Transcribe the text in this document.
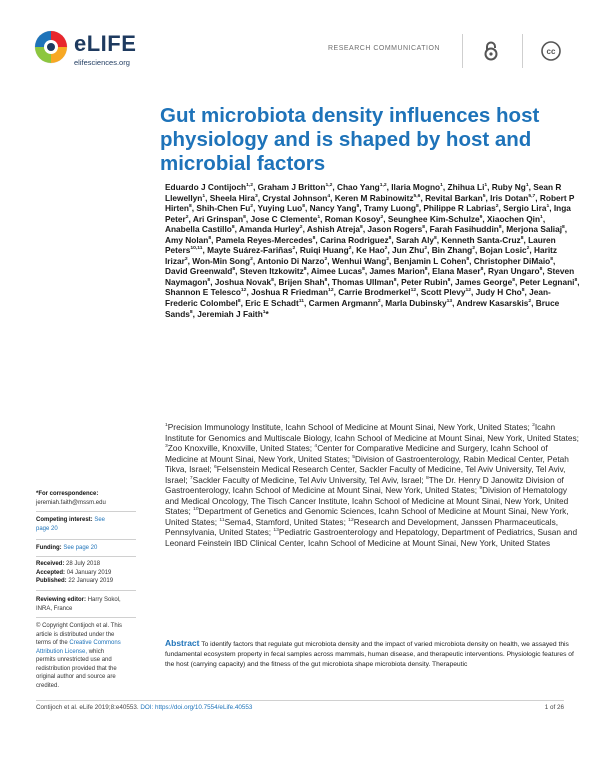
eLIFE
elifesciences.org
RESEARCH COMMUNICATION	cc
Gut microbiota density influences host physiology and is shaped by host and microbial factors

Eduardo J Contijoch$^{1,2}$, Graham J Britton$^{1,2}$, Chao Yang$^{1,2}$, Ilaria Mogno$^1$, Zhihua Li$^1$, Ruby Ng$^1$, Sean R Llewellyn$^1$, Sheela Hira$^3$, Crystal Johnson$^4$, Keren M Rabinowitz$^{5,6}$, Revital Barkan$^5$, Iris Dotan$^{5,7}$, Robert P Hirten$^8$, Shih-Chen Fu$^2$, Yuying Luo$^8$, Nancy Yang$^8$, Tramy Luong$^8$, Philippe R Labrias$^2$, Sergio Lira$^1$, Inga Peter$^2$, Ari Grinspan$^8$, Jose C Clemente$^1$, Roman Kosoy$^2$, Seunghee Kim-Schulze$^9$, Xiaochen Qin$^1$, Anabella Castillo$^8$, Amanda Hurley$^2$, Ashish Atreja$^8$, Jason Rogers$^8$, Farah Fasihuddin$^8$, Merjona Saliaj$^8$, Amy Nolan$^8$, Pamela Reyes-Mercedes$^8$, Carina Rodriguez$^8$, Sarah Aly$^8$, Kenneth Santa-Cruz$^8$, Lauren Peters$^{10,11}$, Mayte Suárez-Fariñas$^2$, Ruiqi Huang$^2$, Ke Hao$^2$, Jun Zhu$^2$, Bin Zhang$^2$, Bojan Losic$^2$, Haritz Irizar$^2$, Won-Min Song$^2$, Antonio Di Narzo$^2$, Wenhui Wang$^2$, Benjamin L Cohen$^8$, Christopher DiMaio$^8$, David Greenwald$^8$, Steven Itzkowitz$^8$, Aimee Lucas$^8$, James Marion$^8$, Elana Maser$^8$, Ryan Ungaro$^8$, Steven Naymagon$^8$, Joshua Novak$^8$, Brijen Shah$^8$, Thomas Ullman$^8$, Peter Rubin$^8$, James George$^8$, Peter Legnani$^8$, Shannon E Telesco$^{12}$, Joshua R Friedman$^{12}$, Carrie Brodmerkel$^{12}$, Scott Plevy$^{12}$, Judy H Cho$^8$, Jean-Frederic Colombel$^8$, Eric E Schadt$^{11}$, Carmen Argmann$^2$, Marla Dubinsky$^{13}$, Andrew Kasarskis$^2$, Bruce Sands$^8$, Jeremiah J Faith$^1$*

$^1$Precision Immunology Institute, Icahn School of Medicine at Mount Sinai, New York, United States; $^2$Icahn Institute for Genomics and Multiscale Biology, Icahn School of Medicine at Mount Sinai, New York, United States; $^3$Zoo Knoxville, Knoxville, United States; $^4$Center for Comparative Medicine and Surgery, Icahn School of Medicine at Mount Sinai, New York, United States; $^5$Division of Gastroenterology, Rabin Medical Center, Petah Tikva, Israel; $^6$Felsenstein Medical Research Center, Sackler Faculty of Medicine, Tel Aviv University, Tel Aviv, Israel; $^7$Sackler Faculty of Medicine, Tel Aviv University, Tel Aviv, Israel; $^8$The Dr. Henry D Janowitz Division of Gastroenterology, Icahn School of Medicine at Mount Sinai, New York, United States; $^9$Division of Hematology and Medical Oncology, The Tisch Cancer Institute, Icahn School of Medicine at Mount Sinai, New York, United States; $^{10}$Department of Genetics and Genomic Sciences, Icahn School of Medicine at Mount Sinai, New York, United States; $^{11}$Sema4, Stamford, United States; $^{12}$Research and Development, Janssen Pharmaceuticals, Pennsylvania, United States; $^{13}$Pediatric Gastroenterology and Hepatology, Department of Pediatrics, Susan and Leonard Feinstein IBD Clinical Center, Icahn School of Medicine at Mount Sinai, New York, United States

*For correspondence:
jeremiah.faith@mssm.edu
Competing interest: See
page 20
Funding: See page 20
Received: 28 July 2018
Accepted: 04 January 2019
Published: 22 January 2019
Reviewing editor: Harry Sokol,
INRA, France
© Copyright Contijoch et al. This
article is distributed under the
terms of the Creative Commons
Attribution License, which
permits unrestricted use and
redistribution provided that the
original author and source are
credited.

Abstract To identify factors that regulate gut microbiota density and the impact of varied microbiota density on health, we assayed this fundamental ecosystem property in fecal samples across mammals, human disease, and therapeutic interventions. Physiologic features of the host (carrying capacity) and the fitness of the gut microbiota shape microbiota density. Therapeutic

Contijoch et al. eLife 2019;8:e40553. DOI: https://doi.org/10.7554/eLife.40553	1 of 26
